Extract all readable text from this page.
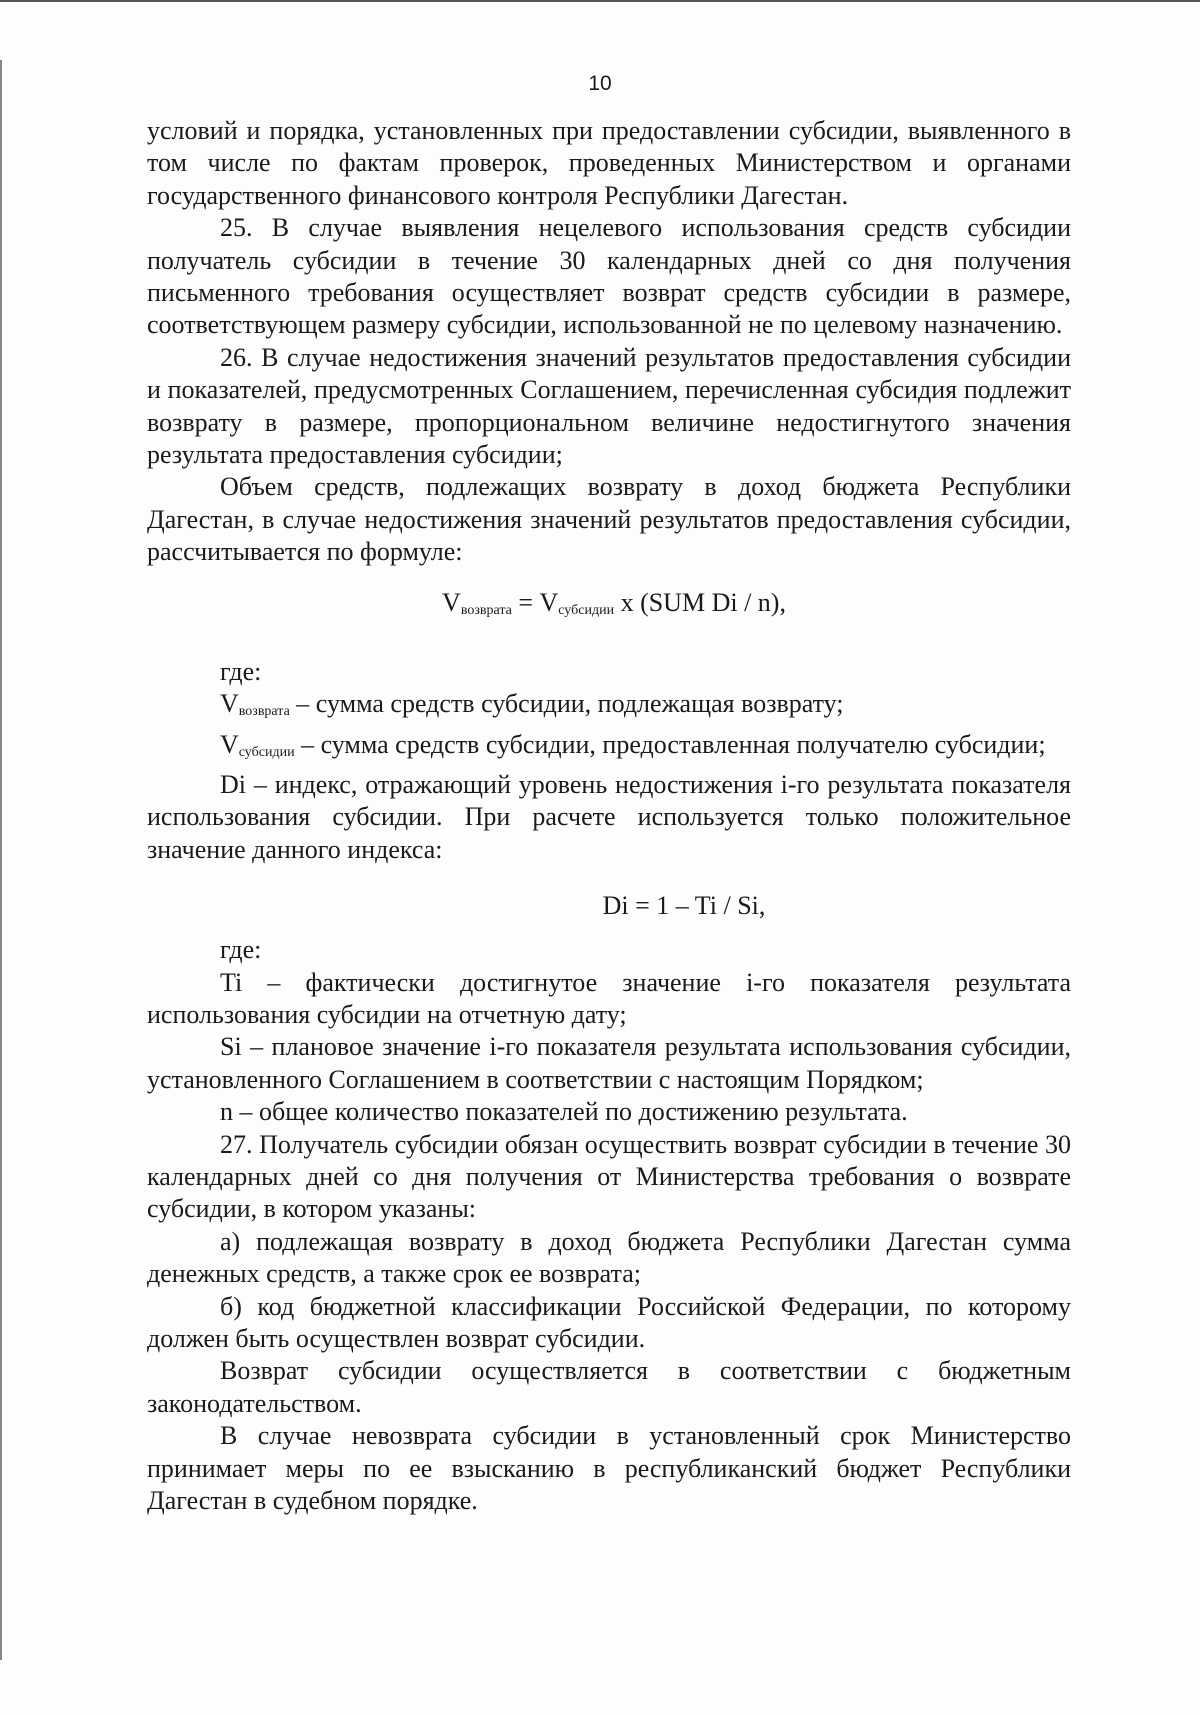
10

условий и порядка, установленных при предоставлении субсидии, выявленного в том числе по фактам проверок, проведенных Министерством и органами государственного финансового контроля Республики Дагестан.

25. В случае выявления нецелевого использования средств субсидии получатель субсидии в течение 30 календарных дней со дня получения письменного требования осуществляет возврат средств субсидии в размере, соответствующем размеру субсидии, использованной не по целевому назначению.

26. В случае недостижения значений результатов предоставления субсидии и показателей, предусмотренных Соглашением, перечисленная субсидия подлежит возврату в размере, пропорциональном величине недостигнутого значения результата предоставления субсидии;

Объем средств, подлежащих возврату в доход бюджета Республики Дагестан, в случае недостижения значений результатов предоставления субсидии, рассчитывается по формуле:

$V_{возврата} = V_{субсидии}$ x (SUM Di / n),

где:

$V_{возврата}$ – сумма средств субсидии, подлежащая возврату;

$V_{субсидии}$ – сумма средств субсидии, предоставленная получателю субсидии;

Di – индекс, отражающий уровень недостижения i-го результата показателя использования субсидии. При расчете используется только положительное значение данного индекса:

Di = 1 – Ti / Si,

где:

Ti – фактически достигнутое значение i-го показателя результата использования субсидии на отчетную дату;

Si – плановое значение i-го показателя результата использования субсидии, установленного Соглашением в соответствии с настоящим Порядком;

n – общее количество показателей по достижению результата.

27. Получатель субсидии обязан осуществить возврат субсидии в течение 30 календарных дней со дня получения от Министерства требования о возврате субсидии, в котором указаны:

а) подлежащая возврату в доход бюджета Республики Дагестан сумма денежных средств, а также срок ее возврата;

б) код бюджетной классификации Российской Федерации, по которому должен быть осуществлен возврат субсидии.

Возврат субсидии осуществляется в соответствии с бюджетным законодательством.

В случае невозврата субсидии в установленный срок Министерство принимает меры по ее взысканию в республиканский бюджет Республики Дагестан в судебном порядке.
